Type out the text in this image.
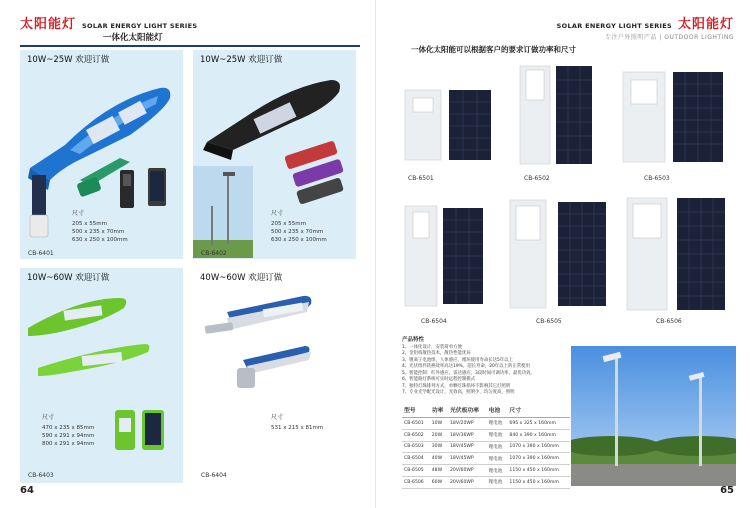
太阳能灯 SOLAR ENERGY LIGHT SERIES
一体化太阳能灯
10W~25W 欢迎订做
尺寸
205 x 55mm
500 x 235 x 70mm
630 x 250 x 100mm
CB-6401
10W~25W 欢迎订做
尺寸
205 x 55mm
500 x 235 x 70mm
630 x 250 x 100mm
CB-6402
10W~60W 欢迎订做
尺寸
470 x 235 x 85mm
590 x 291 x 94mm
800 x 291 x 94mm
CB-6403
40W~60W 欢迎订做
尺寸
531 x 215 x 81mm
CB-6404
64
SOLAR ENERGY LIGHT SERIES 太阳能灯
专注户外照明产品 | OUTDOOR LIGHTING
一体化太阳能可以根据客户的要求订做功率和尺寸
CB-6501	CB-6502	CB-6503
CB-6504	CB-6505	CB-6506
产品特性
1、一体化设计，安装简单方便
2、金铝构散热技术，散热性能优异
3、锂离子电池组，人体感应，循环使用寿命长达5年以上
4、光伏组件转换效率高达19%，超长寿命，20年以上的正常使用
5、智能控制：红外感应、雷达感应，3段时间可调功率，最优功效。
6、智能路灯系统可实时远程控制模式
7、独特灯珠排列方式，单颗灯珠损坏不影响其它灯照明
7、专业光学配光设计，光效高，照明少，均匀度高，照明
型号	功率	光伏板功率	电池	尺寸
CB-6501	10W	18V/20WP	锂电池	695 x 325 x 160mm
CB-6502	20W	18V/36WP	锂电池	840 x 390 x 160mm
CB-6503	30W	18V/45WP	锂电池	1070 x 390 x 160mm
CB-6504	40W	18V/45WP	锂电池	1070 x 390 x 160mm
CB-6505	48W	20V/60WP	锂电池	1150 x 450 x 160mm
CB-6506	60W	20V/60WP	锂电池	1150 x 450 x 160mm
65
